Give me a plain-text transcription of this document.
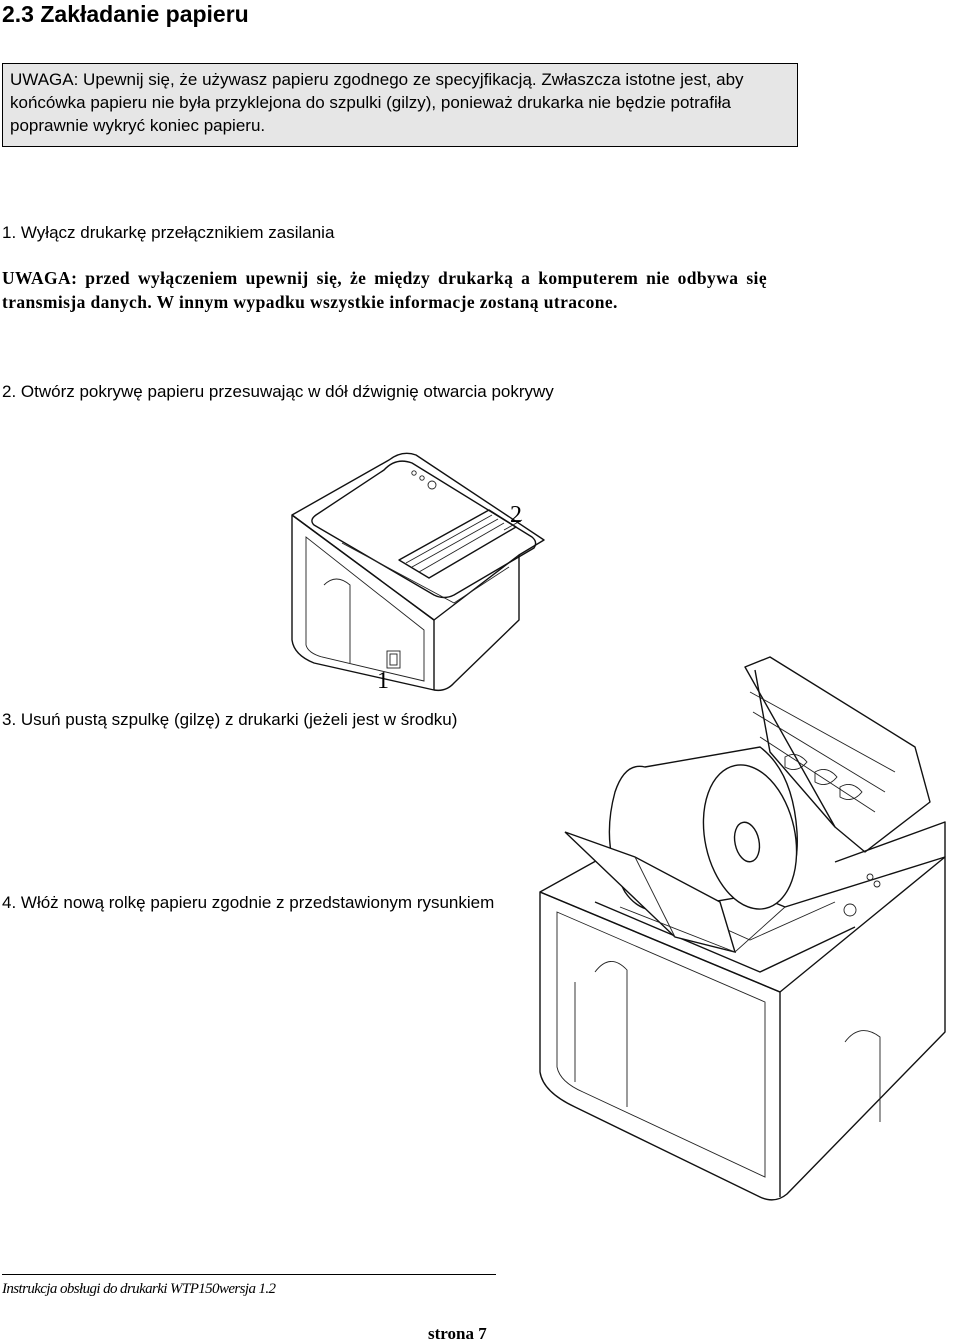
2.3 Zakładanie papieru
UWAGA: Upewnij się, że używasz papieru zgodnego ze specyjfikacją. Zwłaszcza istotne jest, aby końcówka papieru nie była przyklejona do szpulki (gilzy), ponieważ drukarka nie będzie potrafiła poprawnie wykryć koniec papieru.
1. Wyłącz drukarkę przełącznikiem zasilania
UWAGA: przed wyłączeniem upewnij się, że między drukarką a komputerem nie odbywa się transmisja danych. W innym wypadku wszystkie informacje zostaną utracone.
2. Otwórz pokrywę papieru przesuwając w dół dźwignię otwarcia pokrywy
2
1
3. Usuń pustą szpulkę (gilzę) z drukarki (jeżeli jest w środku)
4. Włóż nową rolkę papieru zgodnie z przedstawionym rysunkiem
Instrukcja obsługi do drukarki WTP150wersja 1.2
strona 7
